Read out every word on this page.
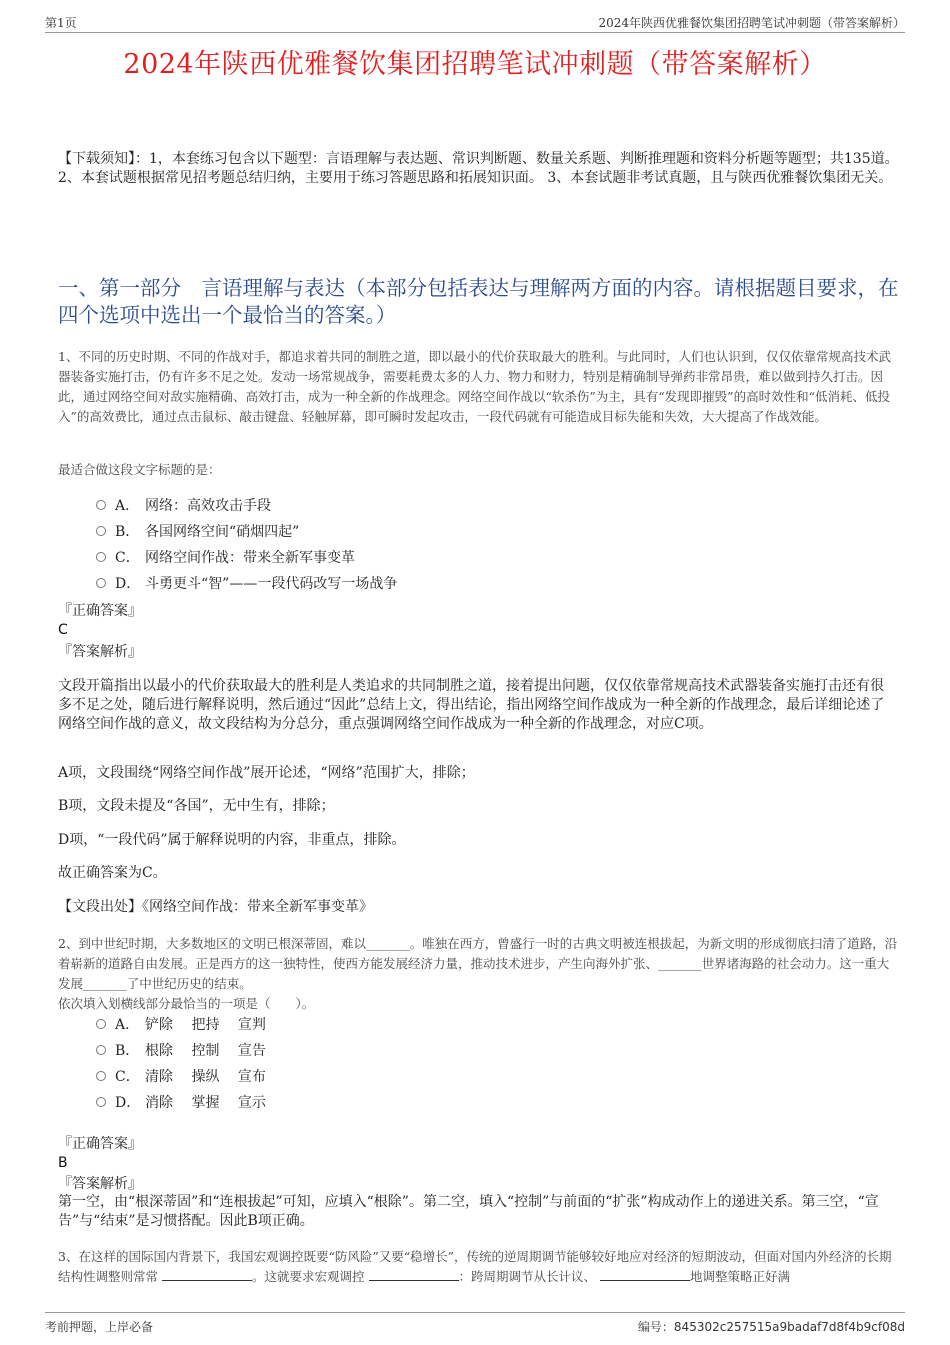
第1页	2024年陕西优雅餐饮集团招聘笔试冲刺题（带答案解析）
2024年陕西优雅餐饮集团招聘笔试冲刺题（带答案解析）
【下载须知】：1，本套练习包含以下题型：言语理解与表达题、常识判断题、数量关系题、判断推理题和资料分析题等题型；共135道。 2、本套试题根据常见招考题总结归纳，主要用于练习答题思路和拓展知识面。 3、本套试题非考试真题，且与陕西优雅餐饮集团无关。
一、第一部分　言语理解与表达（本部分包括表达与理解两方面的内容。请根据题目要求，在四个选项中选出一个最恰当的答案。）
1、不同的历史时期、不同的作战对手，都追求着共同的制胜之道，即以最小的代价获取最大的胜利。与此同时，人们也认识到，仅仅依靠常规高技术武器装备实施打击，仍有许多不足之处。发动一场常规战争，需要耗费太多的人力、物力和财力，特别是精确制导弹药非常昂贵，难以做到持久打击。因此，通过网络空间对敌实施精确、高效打击，成为一种全新的作战理念。网络空间作战以“软杀伤”为主，具有“发现即摧毁”的高时效性和“低消耗、低投入”的高效费比，通过点击鼠标、敲击键盘、轻触屏幕，即可瞬时发起攻击，一段代码就有可能造成目标失能和失效，大大提高了作战效能。
最适合做这段文字标题的是：
A． 网络：高效攻击手段
B． 各国网络空间“硝烟四起”
C． 网络空间作战：带来全新军事变革
D． 斗勇更斗“智”——一段代码改写一场战争
『正确答案』
C
『答案解析』
文段开篇指出以最小的代价获取最大的胜利是人类追求的共同制胜之道，接着提出问题，仅仅依靠常规高技术武器装备实施打击还有很多不足之处，随后进行解释说明，然后通过“因此”总结上文，得出结论，指出网络空间作战成为一种全新的作战理念，最后详细论述了网络空间作战的意义，故文段结构为分总分，重点强调网络空间作战成为一种全新的作战理念，对应C项。
A项，文段围绕“网络空间作战”展开论述，“网络”范围扩大，排除；
B项，文段未提及“各国”，无中生有，排除；
D项，“一段代码”属于解释说明的内容，非重点，排除。
故正确答案为C。
【文段出处】《网络空间作战：带来全新军事变革》
2、到中世纪时期，大多数地区的文明已根深蒂固，难以_______。唯独在西方，曾盛行一时的古典文明被连根拔起，为新文明的形成彻底扫清了道路，沿着崭新的道路自由发展。正是西方的这一独特性，使西方能发展经济力量，推动技术进步，产生向海外扩张、_______世界诸海路的社会动力。这一重大发展_______了中世纪历史的结束。
依次填入划横线部分最恰当的一项是（　　）。
A． 铲除　 把持　 宣判
B． 根除　 控制　 宣告
C． 清除　 操纵　 宣布
D． 消除　 掌握　 宣示
『正确答案』
B
『答案解析』
第一空，由“根深蒂固”和“连根拔起”可知，应填入“根除”。第二空，填入“控制”与前面的“扩张”构成动作上的递进关系。第三空，“宣告”与“结束”是习惯搭配。因此B项正确。
3、在这样的国际国内背景下，我国宏观调控既要“防风险”又要“稳增长”，传统的逆周期调节能够较好地应对经济的短期波动，但面对国内外经济的长期结构性调整则常常	。这就要求宏观调控	：跨周期调节从长计议、	地调整策略正好满
考前押题，上岸必备	编号：845302c257515a9badaf7d8f4b9cf08d
